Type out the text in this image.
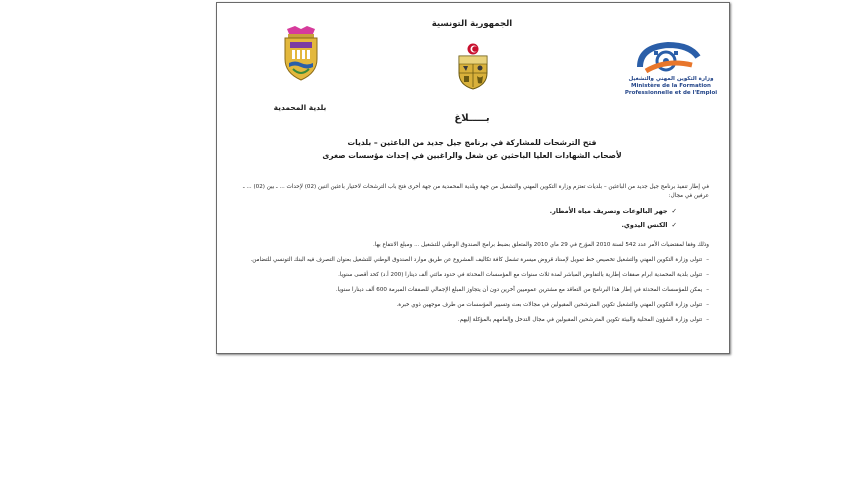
الجمهورية التونسية
بلدية المحمدية
وزارة التكوين المهني والتشغيل
Ministère de la Formation Professionnelle et de l'Emploi
بـــــلاغ
فتح الترشحات للمشاركة في برنامج جيل جديد من الباعثين – بلديات
لأصحاب الشهادات العليا الباحثين عن شغل والراغبين في إحداث مؤسسات صغرى
في إطار تنفيذ برنامج جيل جديد من الباعثين – بلديات تعتزم وزارة التكوين المهني والتشغيل من جهة وبلدية المحمدية من جهة أخرى فتح باب الترشحات لاختيار باعثين اثنين (02) لإحداث ... ـ بين (02) ... ـ عرفين في مجال:
✓جهر البالوعات وتصريف مياه الأمطار.
✓الكنس اليدوي.
وذلك وفقا لمقتضيات الأمر عدد 542 لسنة 2010 المؤرخ في 29 ماي 2010 والمتعلق بضبط برامج الصندوق الوطني للتشغيل ... ومبلغ الانتفاع بها.
–تتولى وزارة التكوين المهني والتشغيل تخصيص خط تمويل لإسناد قروض ميسرة تشمل كافة تكاليف المشروع عن طريق موارد الصندوق الوطني للتشغيل بعنوان التصرف فيه البنك التونسي للتضامن.
–تتولى بلدية المحمدية ابرام صفقات إطارية بالتفاوض المباشر لمدة ثلاث سنوات مع المؤسسات المحدثة في حدود مائتي ألف دينارا (200 أ.د) كحد أقصى سنويا.
–يمكن للمؤسسات المحدثة في إطار هذا البرنامج من التعاقد مع مشترين عموميين آخرين دون أن يتجاوز المبلغ الإجمالي للصفقات المبرمة 600 ألف دينارا سنويا.
–تتولى وزارة التكوين المهني والتشغيل تكوين المترشحين المقبولين في مجالات بعث وتسيير المؤسسات من طرف موجهين ذوي خبرة.
–تتولى وزارة الشؤون المحلية والبيئة تكوين المترشحين المقبولين في مجال التدخل وإلمامهم بالمؤكلة إليهم.
